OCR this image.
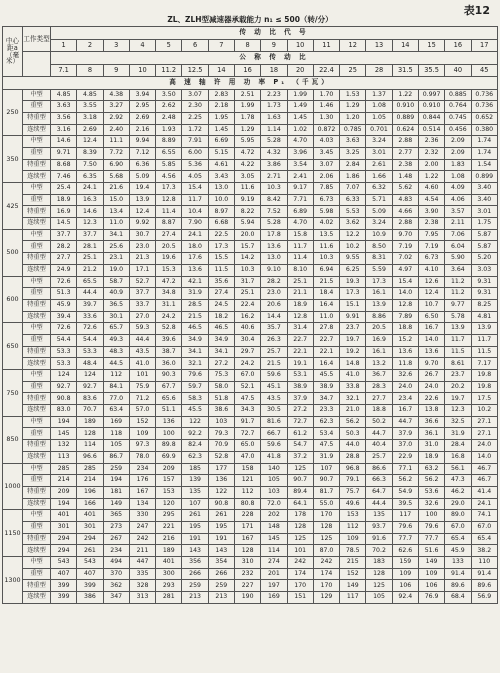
表12
ZL、ZLH型减速器承载能力 n₁ ≤ 500（转/分）																		
中心距a（毫米）	工作类型	传 动 比 代 号																
		1	2	3	4	5	6	7	8	9	10	11	12	13	14	15	16	17
		公 称 传 动 比																
		7.1	8	9	10	11.2	12.5	14	16	18	20	22.4	25	28	31.5	35.5	40	45
高 速 轴 许 用 功 率 P₁ （千瓦）																		
250	中型	4.85	4.85	4.38	3.94	3.50	3.07	2.83	2.51	2.23	1.99	1.70	1.53	1.37	1.22	0.997	0.885	0.736
	重型	3.63	3.55	3.27	2.95	2.62	2.30	2.18	1.99	1.73	1.49	1.46	1.29	1.08	0.910	0.910	0.764	0.736
	特重型	3.56	3.18	2.92	2.69	2.48	2.25	1.95	1.78	1.63	1.45	1.30	1.20	1.05	0.889	0.844	0.745	0.652
	连续型	3.16	2.69	2.40	2.16	1.93	1.72	1.45	1.29	1.14	1.02	0.872	0.785	0.701	0.624	0.514	0.456	0.380
350	中型	14.6	12.4	11.1	9.94	8.89	7.91	6.69	5.95	5.28	4.70	4.03	3.63	3.24	2.88	2.36	2.09	1.74
	重型	9.71	8.39	7.72	7.12	6.55	6.00	5.15	4.72	4.32	3.96	3.45	3.25	3.01	2.77	2.32	2.09	1.74
	特重型	8.68	7.50	6.90	6.36	5.85	5.36	4.61	4.22	3.86	3.54	3.07	2.84	2.61	2.38	2.00	1.83	1.54
	连续型	7.46	6.35	5.68	5.09	4.56	4.05	3.43	3.05	2.71	2.41	2.06	1.86	1.66	1.48	1.22	1.08	0.899
425	中型	25.4	24.1	21.6	19.4	17.3	15.4	13.0	11.6	10.3	9.17	7.85	7.07	6.32	5.62	4.60	4.09	3.40
	重型	18.9	16.3	15.0	13.9	12.8	11.7	10.0	9.19	8.42	7.71	6.73	6.33	5.71	4.83	4.54	4.06	3.40
	特重型	16.9	14.6	13.4	12.4	11.4	10.4	8.97	8.22	7.52	6.89	5.98	5.53	5.09	4.66	3.90	3.57	3.01
	连续型	14.5	12.3	11.0	9.92	8.87	7.90	6.68	5.94	5.28	4.70	4.02	3.62	3.24	2.88	2.38	2.11	1.75
500	中型	37.7	37.7	34.1	30.7	27.4	24.1	22.5	20.0	17.8	15.8	13.5	12.2	10.9	9.70	7.95	7.06	5.87
	重型	28.2	28.1	25.6	23.0	20.5	18.0	17.3	15.7	13.6	11.7	11.6	10.2	8.50	7.19	7.19	6.04	5.87
	特重型	27.7	25.1	23.1	21.3	19.6	17.6	15.5	14.2	13.0	11.4	10.3	9.55	8.31	7.02	6.73	5.90	5.20
	连续型	24.9	21.2	19.0	17.1	15.3	13.6	11.5	10.3	9.10	8.10	6.94	6.25	5.59	4.97	4.10	3.64	3.03
600	中型	72.6	65.5	58.7	52.7	47.2	42.1	35.6	31.7	28.2	25.1	21.5	19.3	17.3	15.4	12.6	11.2	9.31
	重型	51.3	44.4	40.9	37.7	34.8	31.9	27.4	25.1	23.0	21.1	18.4	17.3	16.1	14.0	12.4	11.2	9.31
	特重型	45.9	39.7	36.5	33.7	31.1	28.5	24.5	22.4	20.6	18.9	16.4	15.1	13.9	12.8	10.7	9.77	8.25
	连续型	39.4	33.6	30.1	27.0	24.2	21.5	18.2	16.2	14.4	12.8	11.0	9.91	8.86	7.89	6.50	5.78	4.81
650	中型	72.6	72.6	65.7	59.3	52.8	46.5	46.5	40.6	35.7	31.4	27.8	23.7	20.5	18.8	16.7	13.9	13.9
	重型	54.4	54.4	49.3	44.4	39.6	34.9	34.9	30.4	26.3	22.7	22.7	19.7	16.9	15.2	14.0	11.7	11.7
	特重型	53.3	53.3	48.3	43.5	38.7	34.1	34.1	29.7	25.7	22.1	22.1	19.2	16.1	13.6	13.6	11.5	11.5
	连续型	53.3	48.4	44.5	41.0	36.0	32.1	27.2	24.2	21.5	19.1	16.4	14.8	13.2	11.8	9.70	8.61	7.17
750	中型	124	124	112	101	90.3	79.6	75.3	67.0	59.6	53.1	45.5	41.0	36.7	32.6	26.7	23.7	19.8
	重型	92.7	92.7	84.1	75.9	67.7	59.7	58.0	52.1	45.1	38.9	38.9	33.8	28.3	24.0	24.0	20.2	19.8
	特重型	90.8	83.6	77.0	71.2	65.6	58.3	51.8	47.5	43.5	37.9	34.7	32.1	27.7	23.4	22.6	19.7	17.5
	连续型	83.0	70.7	63.4	57.0	51.1	45.5	38.6	34.3	30.5	27.2	23.3	21.0	18.8	16.7	13.8	12.3	10.2
850	中型	194	189	169	152	136	122	103	91.7	81.6	72.7	62.3	56.2	50.2	44.7	36.6	32.5	27.1
	重型	145	128	118	109	100	92.2	79.3	72.7	66.7	61.2	53.4	50.3	44.7	37.9	36.1	31.9	27.1
	特重型	132	114	105	97.3	89.8	82.4	70.9	65.0	59.6	54.7	47.5	44.0	40.4	37.0	31.0	28.4	24.0
	连续型	113	96.6	86.7	78.0	69.9	62.3	52.8	47.0	41.8	37.2	31.9	28.8	25.7	22.9	18.9	16.8	14.0
1000	中型	285	285	259	234	209	185	177	158	140	125	107	96.8	86.6	77.1	63.2	56.1	46.7
	重型	214	214	194	176	157	139	136	121	105	90.7	90.7	79.1	66.3	56.2	56.2	47.3	46.7
	特重型	209	196	181	167	153	135	122	112	103	89.4	81.7	75.7	64.7	54.9	53.6	46.2	41.4
	连续型	194	166	149	134	120	107	90.8	80.8	72.0	64.1	55.0	49.6	44.4	39.5	32.6	29.0	24.1
1150	中型	401	401	365	330	295	261	261	228	202	178	170	153	135	117	100	89.0	74.1
	重型	301	301	273	247	221	195	195	171	148	128	128	112	93.7	79.6	79.6	67.0	67.0
	特重型	294	294	267	242	216	191	191	167	145	125	125	109	91.6	77.7	77.7	65.4	65.4
	连续型	294	261	234	211	189	143	143	128	114	101	87.0	78.5	70.2	62.6	51.6	45.9	38.2
1300	中型	543	543	494	447	401	356	354	310	274	242	242	215	183	159	149	133	110
	重型	407	407	370	335	300	266	266	232	201	174	174	152	128	109	109	91.4	91.4
	特重型	399	399	362	328	293	259	259	227	197	170	170	149	125	106	106	89.6	89.6
	连续型	399	386	347	313	281	213	213	190	169	151	129	117	105	92.4	76.9	68.4	56.9
